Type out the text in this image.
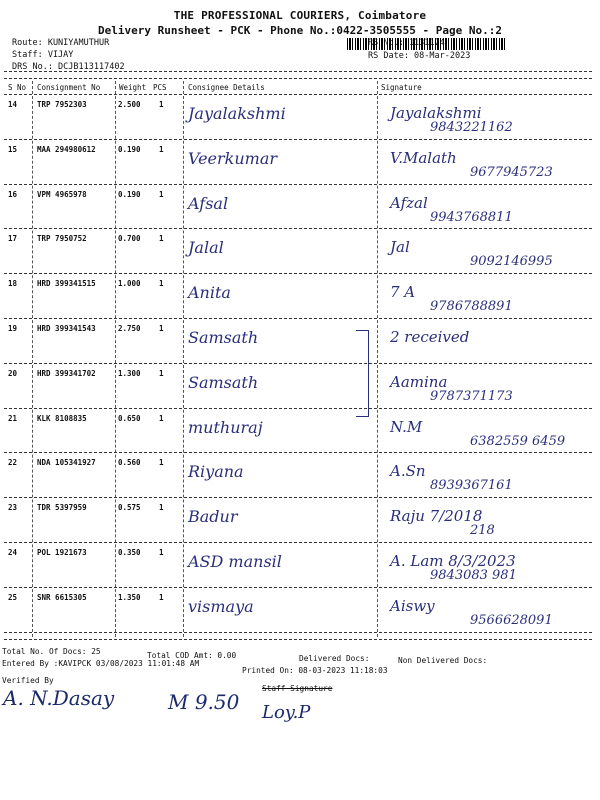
THE PROFESSIONAL COURIERS, Coimbatore
Delivery Runsheet - PCK - Phone No.:0422-3505555 - Page No.:2
Route: KUNIYAMUTHUR
Staff: VIJAY
DRS No.: DCJB113117402
RS No.: 1131174
RS Date: 08-Mar-2023
S No Consignment No	Weight PCS	Consignee Details	Signature
14	TRP 7952303	2.500 1 Jayalakshmi	Jayalakshmi
9843221162
15	MAA 294980612	0.190 1 Veerkumar	V.Malath
9677945723
16	VPM 4965978	0.190 1 Afsal	Afzal
9943768811
17	TRP 7950752	0.700 1 Jalal	Jal
9092146995
18	HRD 399341515	1.000 1 Anita	7 A
9786788891
19	HRD 399341543	2.750 1 Samsath	2 received
20	HRD 399341702	1.300 1 Samsath	Aamina
9787371173
21	KLK 8108835	0.650 1 muthuraj	N.M
6382559 6459
22	NDA 105341927	0.560 1 Riyana	A.Sn
8939367161
23	TDR 5397959	0.575 1 Badur	Raju 7/2018
218
24	POL 1921673	0.350 1 ASD mansil	A. Lam 8/3/2023
9843083 981
25	SNR 6615305	1.350 1 vismaya	Aiswy
9566628091
Total No. Of Docs: 25	Total COD Amt: 0.00	Delivered Docs:	Non Delivered Docs:
Entered By :KAVIPCK 03/08/2023 11:01:48 AM
Printed On: 08-03-2023 11:18:03
Verified By
Staff Signature
A. N.Dasay	M 9.50 Loy.P
